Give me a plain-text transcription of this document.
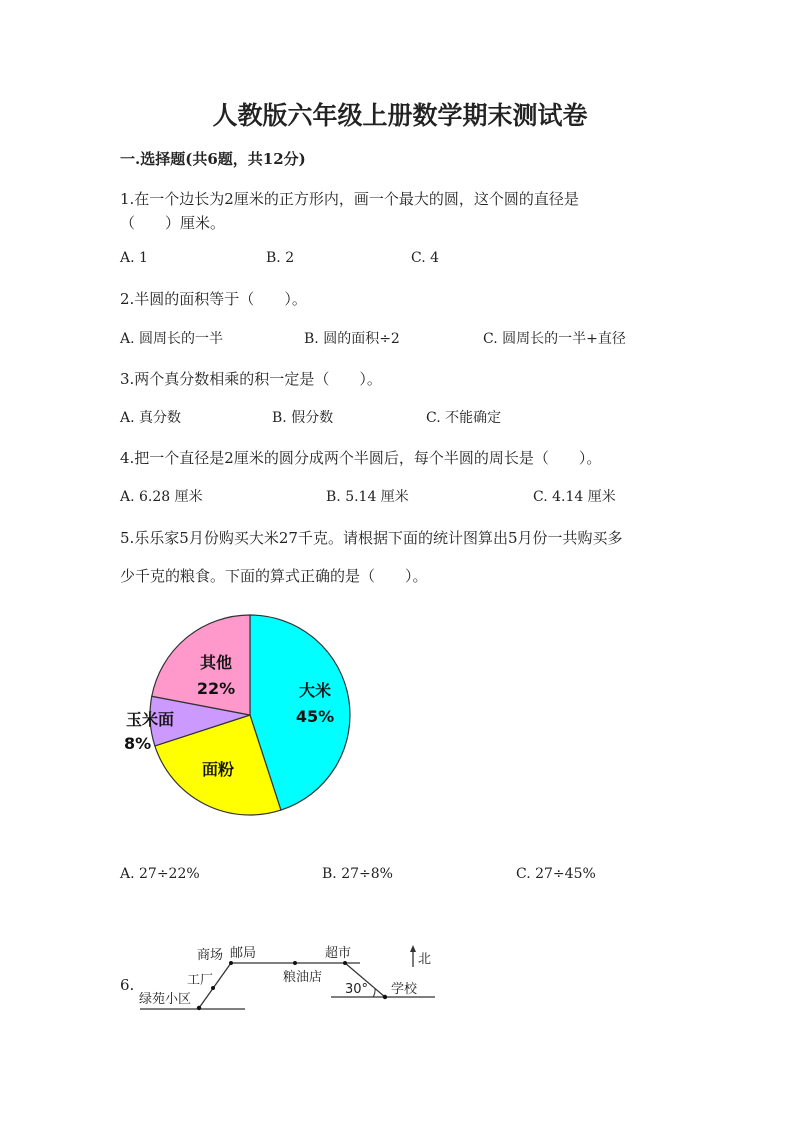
人教版六年级上册数学期末测试卷
一.选择题(共6题，共12分)
1.在一个边长为2厘米的正方形内，画一个最大的圆，这个圆的直径是
（　　）厘米。
A. 1	B. 2	C. 4
2.半圆的面积等于（　　）。
A. 圆周长的一半	B. 圆的面积÷2	C. 圆周长的一半+直径
3.两个真分数相乘的积一定是（　　）。
A. 真分数	B. 假分数	C. 不能确定
4.把一个直径是2厘米的圆分成两个半圆后，每个半圆的周长是（　　）。
A. 6.28 厘米	B. 5.14 厘米	C. 4.14 厘米
5.乐乐家5月份购买大米27千克。请根据下面的统计图算出5月份一共购买多
少千克的粮食。下面的算式正确的是（　　）。
大米
45%
面粉
玉米面
8%
其他
22%
A. 27÷22%	B. 27÷8%	C. 27÷45%
6.
北
商场 邮局	超市
工厂	粮油店
30° 学校
绿苑小区
